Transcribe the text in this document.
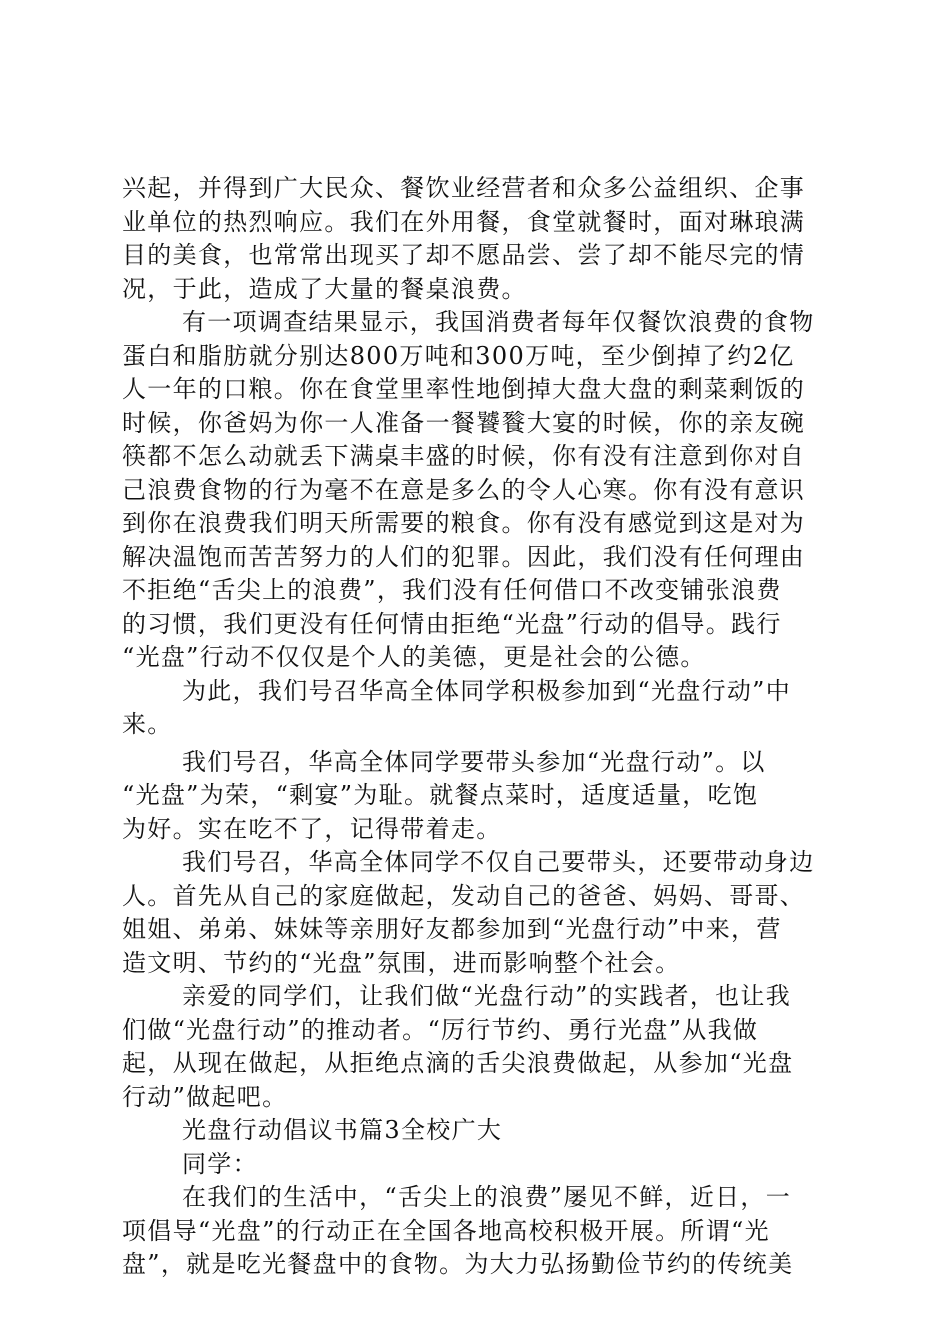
兴起，并得到广大民众、餐饮业经营者和众多公益组织、企事
业单位的热烈响应。我们在外用餐，食堂就餐时，面对琳琅满
目的美食，也常常出现买了却不愿品尝、尝了却不能尽完的情
况，于此，造成了大量的餐桌浪费。

有一项调查结果显示，我国消费者每年仅餐饮浪费的食物
蛋白和脂肪就分别达800万吨和300万吨，至少倒掉了约2亿
人一年的口粮。你在食堂里率性地倒掉大盘大盘的剩菜剩饭的
时候，你爸妈为你一人准备一餐饕餮大宴的时候，你的亲友碗
筷都不怎么动就丢下满桌丰盛的时候，你有没有注意到你对自
己浪费食物的行为毫不在意是多么的令人心寒。你有没有意识
到你在浪费我们明天所需要的粮食。你有没有感觉到这是对为
解决温饱而苦苦努力的人们的犯罪。因此，我们没有任何理由
不拒绝“舌尖上的浪费”，我们没有任何借口不改变铺张浪费
的习惯，我们更没有任何情由拒绝“光盘”行动的倡导。践行
“光盘”行动不仅仅是个人的美德，更是社会的公德。

为此，我们号召华高全体同学积极参加到“光盘行动”中
来。

我们号召，华高全体同学要带头参加“光盘行动”。以
“光盘”为荣，“剩宴”为耻。就餐点菜时，适度适量，吃饱
为好。实在吃不了，记得带着走。

我们号召，华高全体同学不仅自己要带头，还要带动身边
人。首先从自己的家庭做起，发动自己的爸爸、妈妈、哥哥、
姐姐、弟弟、妹妹等亲朋好友都参加到“光盘行动”中来，营
造文明、节约的“光盘”氛围，进而影响整个社会。

亲爱的同学们，让我们做“光盘行动”的实践者，也让我
们做“光盘行动”的推动者。“厉行节约、勇行光盘”从我做
起，从现在做起，从拒绝点滴的舌尖浪费做起，从参加“光盘
行动”做起吧。

光盘行动倡议书篇3全校广大

同学：

在我们的生活中，“舌尖上的浪费”屡见不鲜，近日，一
项倡导“光盘”的行动正在全国各地高校积极开展。所谓“光
盘”，就是吃光餐盘中的食物。为大力弘扬勤俭节约的传统美
